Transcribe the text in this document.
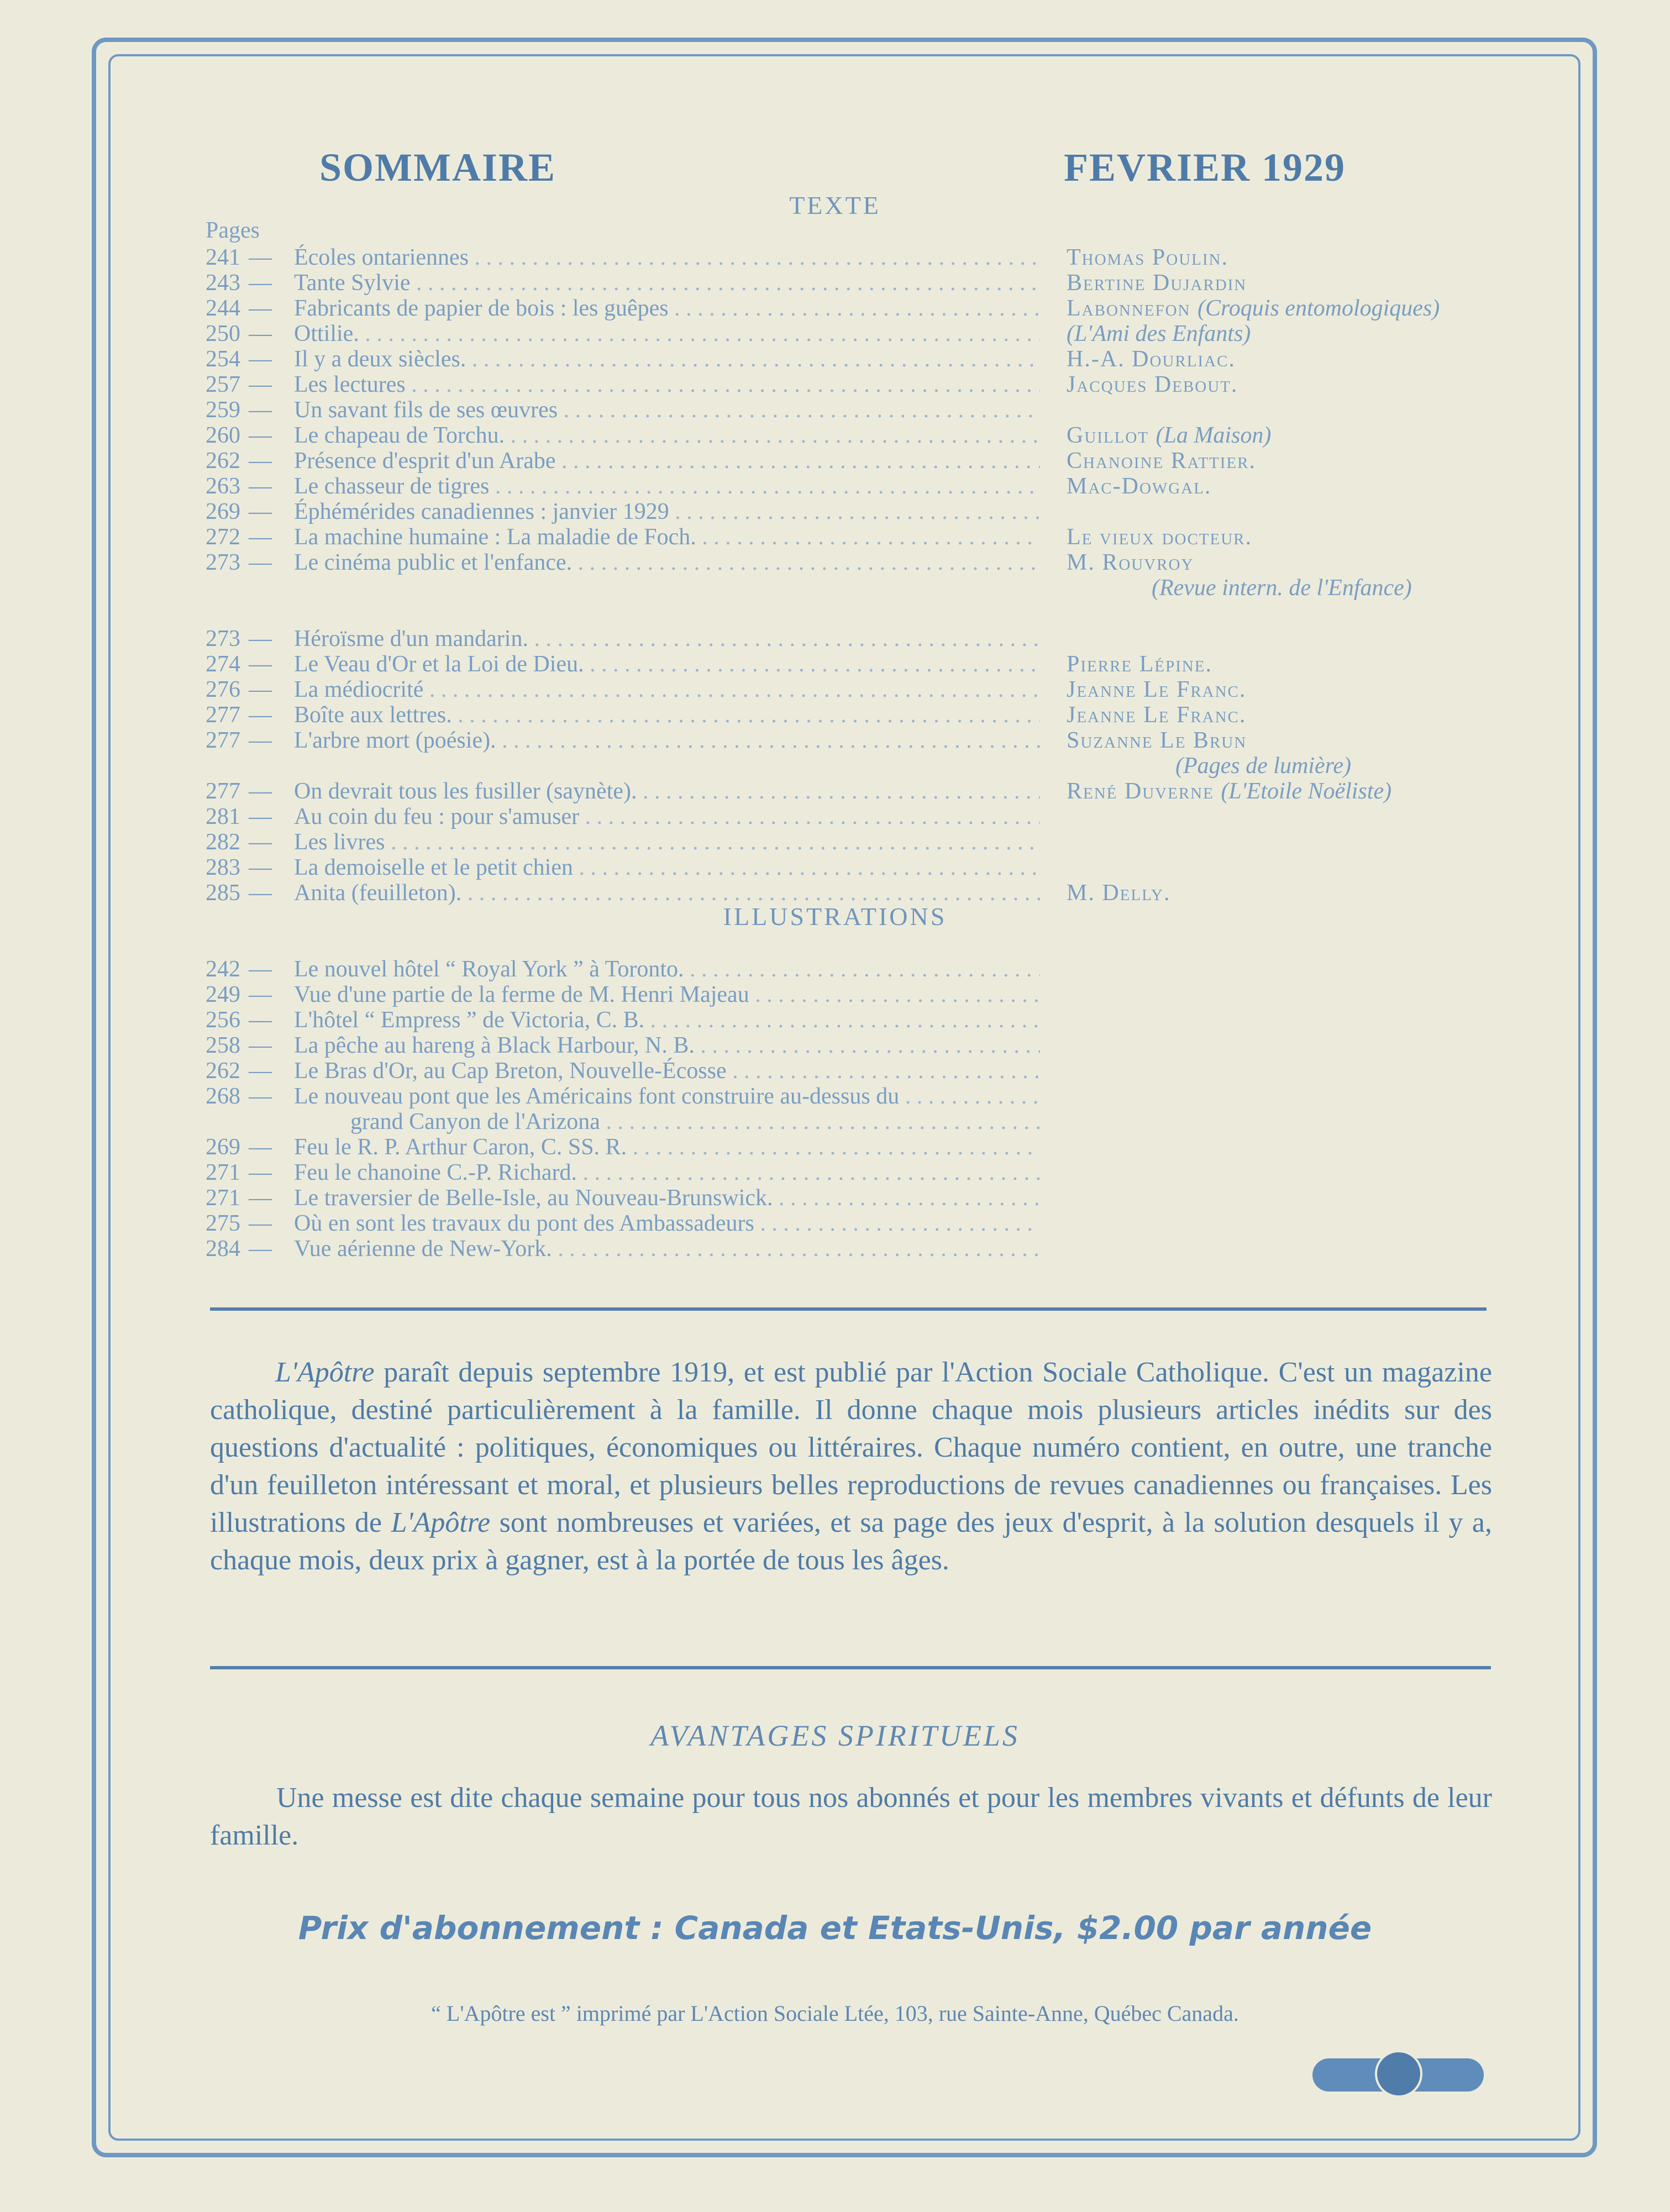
SOMMAIRE	FEVRIER 1929
TEXTE
Pages
241—Écoles ontariennes . . .	Thomas Poulin.
243—Tante Sylvie . . .	Bertine Dujardin
244—Fabricants de papier de bois : les guêpes . . .	Labonnefon (Croquis entomologiques)
250—Ottilie. . . .	(L'Ami des Enfants)
254—Il y a deux siècles. . . .	H.-A. Dourliac.
257—Les lectures . . .	Jacques Debout.
259—Un savant fils de ses œuvres . . .
260—Le chapeau de Torchu. . . .	Guillot (La Maison)
262—Présence d'esprit d'un Arabe . . .	Chanoine Rattier.
263—Le chasseur de tigres . . .	Mac-Dowgal.
269—Éphémérides canadiennes : janvier 1929 . . .
272—La machine humaine : La maladie de Foch. . . .	Le vieux docteur.
273—Le cinéma public et l'enfance. . . .	M. Rouvroy
(Revue intern. de l'Enfance)
273—Héroïsme d'un mandarin. . . .
274—Le Veau d'Or et la Loi de Dieu. . . .	Pierre Lépine.
276—La médiocrité . . .	Jeanne Le Franc.
277—Boîte aux lettres. . . .	Jeanne Le Franc.
277—L'arbre mort (poésie). . . .	Suzanne Le Brun
(Pages de lumière)
277—On devrait tous les fusiller (saynète). . . .	René Duverne (L'Etoile Noëliste)
281—Au coin du feu : pour s'amuser . . .
282—Les livres . . .
283—La demoiselle et le petit chien . . .
285—Anita (feuilleton). . . .	M. Delly.
ILLUSTRATIONS
242—Le nouvel hôtel “ Royal York ” à Toronto. . . .
249—Vue d'une partie de la ferme de M. Henri Majeau . . .
256—L'hôtel “ Empress ” de Victoria, C. B. . . .
258—La pêche au hareng à Black Harbour, N. B. . . .
262—Le Bras d'Or, au Cap Breton, Nouvelle-Écosse . . .
268—Le nouveau pont que les Américains font construire au-dessus du . . .
grand Canyon de l'Arizona . . .
269—Feu le R. P. Arthur Caron, C. SS. R. . . .
271—Feu le chanoine C.-P. Richard. . . .
271—Le traversier de Belle-Isle, au Nouveau-Brunswick. . . .
275—Où en sont les travaux du pont des Ambassadeurs . . .
284—Vue aérienne de New-York. . . .

L'Apôtre paraît depuis septembre 1919, et est publié par l'Action Sociale Catholique. C'est un magazine catholique, destiné particulièrement à la famille. Il donne chaque mois plusieurs articles inédits sur des questions d'actualité : politiques, économiques ou littéraires. Chaque numéro contient, en outre, une tranche d'un feuilleton intéressant et moral, et plusieurs belles reproductions de revues canadiennes ou françaises. Les illustrations de L'Apôtre sont nombreuses et variées, et sa page des jeux d'esprit, à la solution desquels il y a, chaque mois, deux prix à gagner, est à la portée de tous les âges.

AVANTAGES SPIRITUELS

Une messe est dite chaque semaine pour tous nos abonnés et pour les membres vivants et défunts de leur famille.

Prix d'abonnement : Canada et Etats-Unis, $2.00 par année
“ L'Apôtre est ” imprimé par L'Action Sociale Ltée, 103, rue Sainte-Anne, Québec Canada.
